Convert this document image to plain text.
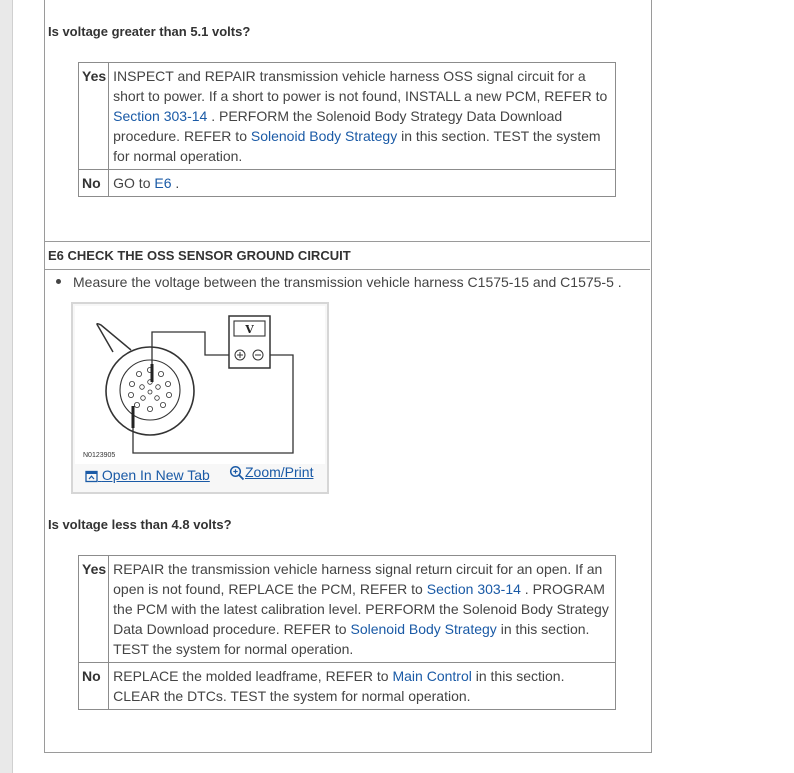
Is voltage greater than 5.1 volts?
Yes	INSPECT and REPAIR transmission vehicle harness OSS signal circuit for a short to power. If a short to power is not found, INSTALL a new PCM, REFER to Section 303-14 . PERFORM the Solenoid Body Strategy Data Download procedure. REFER to Solenoid Body Strategy in this section. TEST the system for normal operation.
No	GO to E6 .
E6 CHECK THE OSS SENSOR GROUND CIRCUIT
Measure the voltage between the transmission vehicle harness C1575-15 and C1575-5 .
V
N0123905
Open In New Tab	Zoom/Print
Is voltage less than 4.8 volts?
Yes	REPAIR the transmission vehicle harness signal return circuit for an open. If an open is not found, REPLACE the PCM, REFER to Section 303-14 . PROGRAM the PCM with the latest calibration level. PERFORM the Solenoid Body Strategy Data Download procedure. REFER to Solenoid Body Strategy in this section. TEST the system for normal operation.
No	REPLACE the molded leadframe, REFER to Main Control in this section. CLEAR the DTCs. TEST the system for normal operation.
